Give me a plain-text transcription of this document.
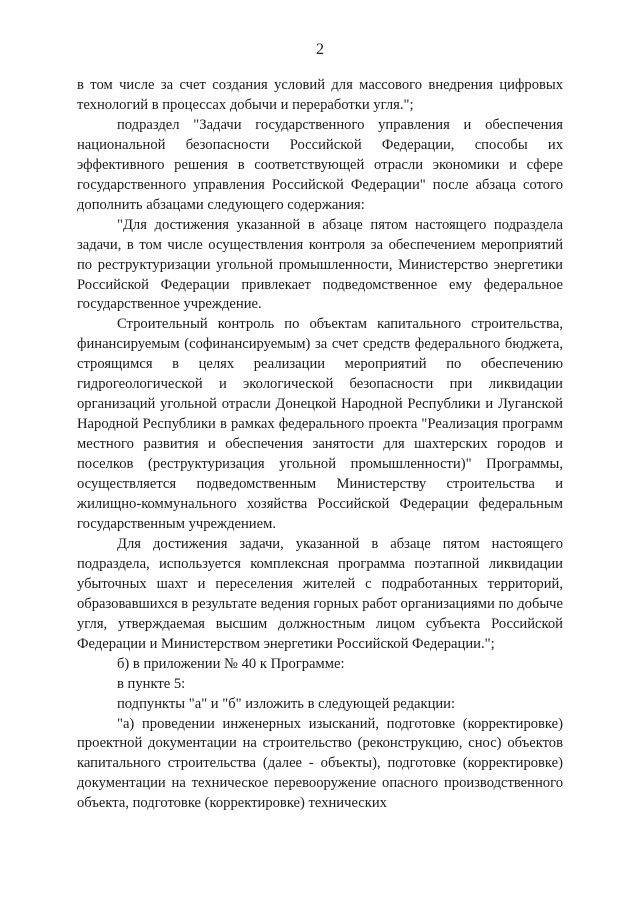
2

в том числе за счет создания условий для массового внедрения цифровых технологий в процессах добычи и переработки угля.";

подраздел "Задачи государственного управления и обеспечения национальной безопасности Российской Федерации, способы их эффективного решения в соответствующей отрасли экономики и сфере государственного управления Российской Федерации" после абзаца сотого дополнить абзацами следующего содержания:

"Для достижения указанной в абзаце пятом настоящего подраздела задачи, в том числе осуществления контроля за обеспечением мероприятий по реструктуризации угольной промышленности, Министерство энергетики Российской Федерации привлекает подведомственное ему федеральное государственное учреждение.

Строительный контроль по объектам капитального строительства, финансируемым (софинансируемым) за счет средств федерального бюджета, строящимся в целях реализации мероприятий по обеспечению гидрогеологической и экологической безопасности при ликвидации организаций угольной отрасли Донецкой Народной Республики и Луганской Народной Республики в рамках федерального проекта "Реализация программ местного развития и обеспечения занятости для шахтерских городов и поселков (реструктуризация угольной промышленности)" Программы, осуществляется подведомственным Министерству строительства и жилищно-коммунального хозяйства Российской Федерации федеральным государственным учреждением.

Для достижения задачи, указанной в абзаце пятом настоящего подраздела, используется комплексная программа поэтапной ликвидации убыточных шахт и переселения жителей с подработанных территорий, образовавшихся в результате ведения горных работ организациями по добыче угля, утверждаемая высшим должностным лицом субъекта Российской Федерации и Министерством энергетики Российской Федерации.";

б) в приложении № 40 к Программе:

в пункте 5:

подпункты "а" и "б" изложить в следующей редакции:

"а) проведении инженерных изысканий, подготовке (корректировке) проектной документации на строительство (реконструкцию, снос) объектов капитального строительства (далее - объекты), подготовке (корректировке) документации на техническое перевооружение опасного производственного объекта, подготовке (корректировке) технических
